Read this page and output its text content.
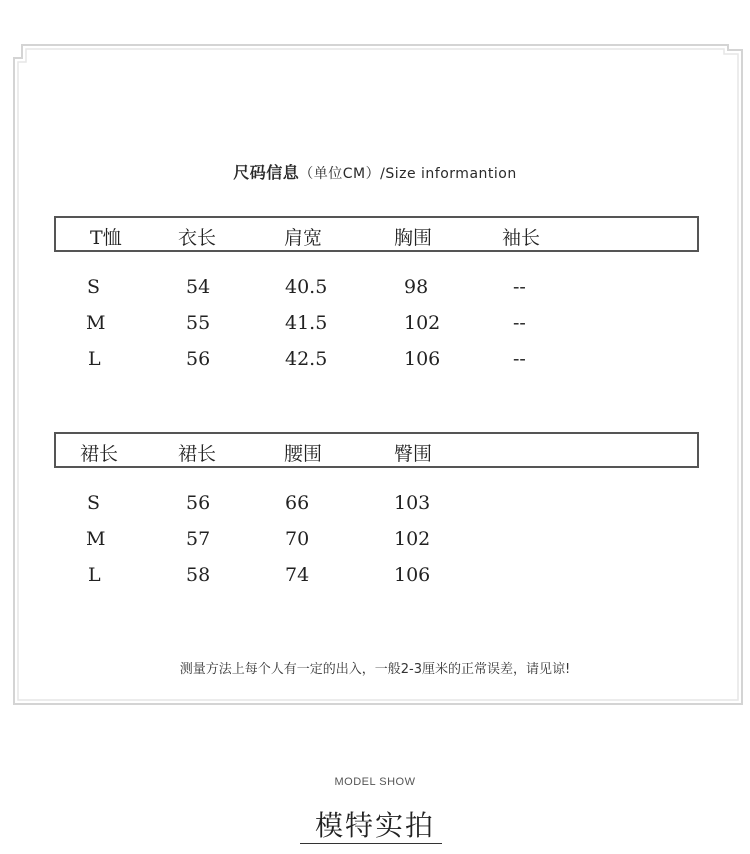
尺码信息（单位CM）/Size informantion
T恤	衣长	肩宽	胸围	袖长
S	54	40.5	98	--
M	55	41.5	102	--
L	56	42.5	106	--
裙长	裙长	腰围	臀围
S	56	66	103
M	57	70	102
L	58	74	106
测量方法上每个人有一定的出入，一般2-3厘米的正常误差，请见谅!
MODEL SHOW
模特实拍
